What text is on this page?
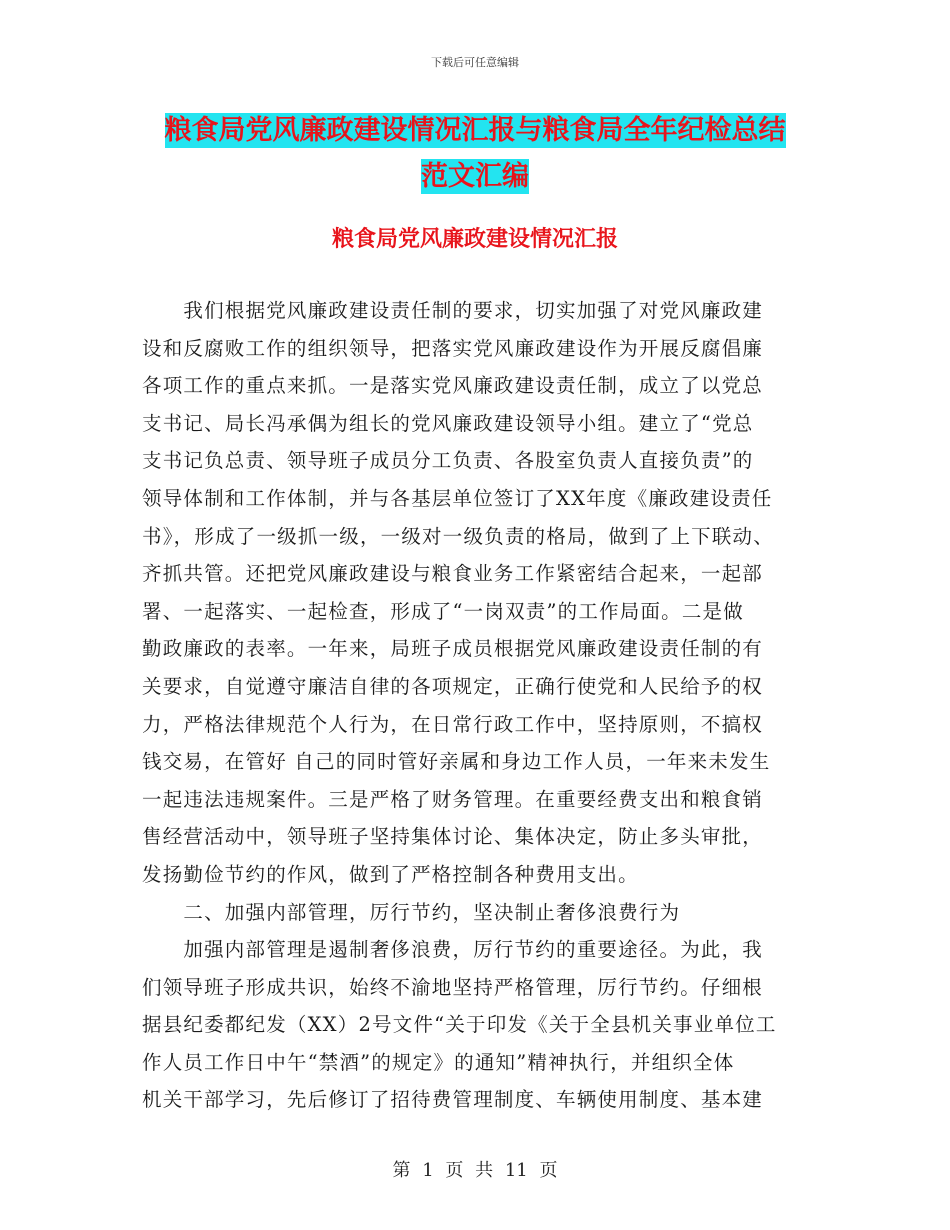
下载后可任意编辑
粮食局党风廉政建设情况汇报与粮食局全年纪检总结
范文汇编
粮食局党风廉政建设情况汇报
　　我们根据党风廉政建设责任制的要求，切实加强了对党风廉政建
设和反腐败工作的组织领导，把落实党风廉政建设作为开展反腐倡廉
各项工作的重点来抓。一是落实党风廉政建设责任制，成立了以党总
支书记、局长冯承偶为组长的党风廉政建设领导小组。建立了“党总
支书记负总责、领导班子成员分工负责、各股室负责人直接负责”的
领导体制和工作体制，并与各基层单位签订了XX年度《廉政建设责任
书》，形成了一级抓一级，一级对一级负责的格局，做到了上下联动、
齐抓共管。还把党风廉政建设与粮食业务工作紧密结合起来，一起部
署、一起落实、一起检查，形成了“一岗双责”的工作局面。二是做
勤政廉政的表率。一年来，局班子成员根据党风廉政建设责任制的有
关要求，自觉遵守廉洁自律的各项规定，正确行使党和人民给予的权
力，严格法律规范个人行为，在日常行政工作中，坚持原则，不搞权
钱交易，在管好 自己的同时管好亲属和身边工作人员，一年来未发生
一起违法违规案件。三是严格了财务管理。在重要经费支出和粮食销
售经营活动中，领导班子坚持集体讨论、集体决定，防止多头审批，
发扬勤俭节约的作风，做到了严格控制各种费用支出。
　　二、加强内部管理，厉行节约，坚决制止奢侈浪费行为
　　加强内部管理是遏制奢侈浪费，厉行节约的重要途径。为此，我
们领导班子形成共识，始终不渝地坚持严格管理，厉行节约。仔细根
据县纪委都纪发（XX）2号文件“关于印发《关于全县机关事业单位工
作人员工作日中午“禁酒”的规定》的通知”精神执行，并组织全体
机关干部学习，先后修订了招待费管理制度、车辆使用制度、基本建
第 1 页 共 11 页
